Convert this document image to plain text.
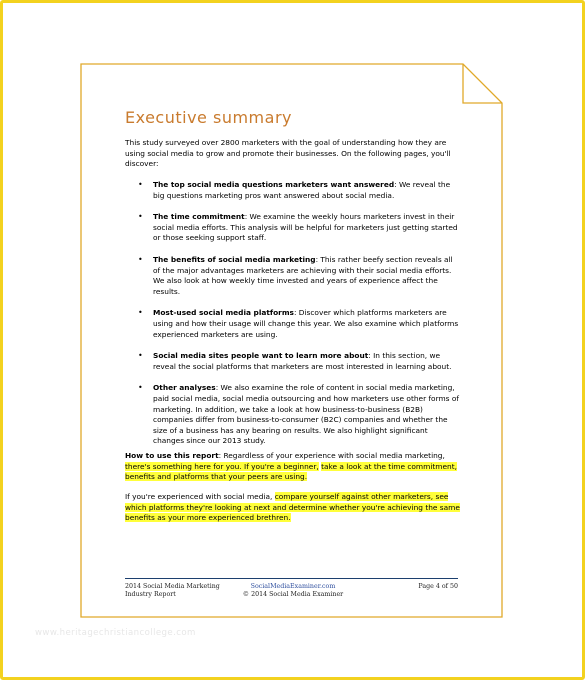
Executive summary

This study surveyed over 2800 marketers with the goal of understanding how they are using social media to grow and promote their businesses. On the following pages, you'll discover:

• The top social media questions marketers want answered: We reveal the big questions marketing pros want answered about social media.
• The time commitment: We examine the weekly hours marketers invest in their social media efforts. This analysis will be helpful for marketers just getting started or those seeking support staff.
• The benefits of social media marketing: This rather beefy section reveals all of the major advantages marketers are achieving with their social media efforts. We also look at how weekly time invested and years of experience affect the results.
• Most-used social media platforms: Discover which platforms marketers are using and how their usage will change this year. We also examine which platforms experienced marketers are using.
• Social media sites people want to learn more about: In this section, we reveal the social platforms that marketers are most interested in learning about.
• Other analyses: We also examine the role of content in social media marketing, paid social media, social media outsourcing and how marketers use other forms of marketing. In addition, we take a look at how business-to-business (B2B) companies differ from business-to-consumer (B2C) companies and whether the size of a business has any bearing on results. We also highlight significant changes since our 2013 study.

How to use this report: Regardless of your experience with social media marketing, there's something here for you. If you're a beginner, take a look at the time commitment, benefits and platforms that your peers are using.

If you're experienced with social media, compare yourself against other marketers, see which platforms they're looking at next and determine whether you're achieving the same benefits as your more experienced brethren.

2014 Social Media Marketing
Industry Report
SocialMediaExaminer.com
© 2014 Social Media Examiner
Page 4 of 50
www.heritagechristiancollege.com
